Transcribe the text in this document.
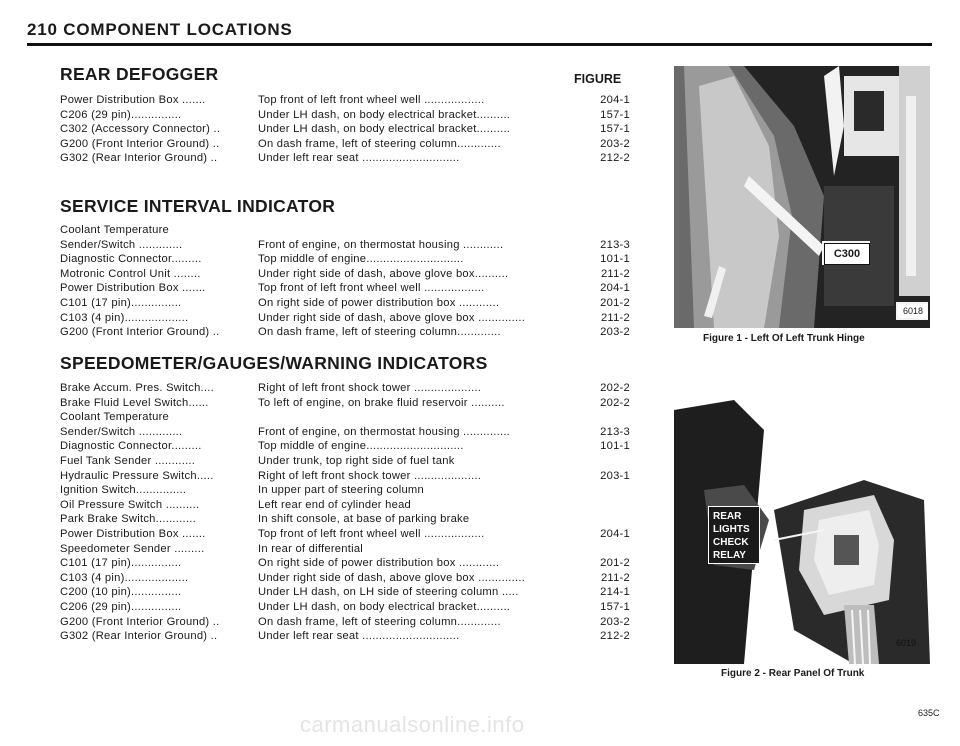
210 COMPONENT LOCATIONS
FIGURE
REAR DEFOGGER
Power Distribution Box .......	Top front of left front wheel well ..................	204-1
C206 (29 pin)...............	Under LH dash, on body electrical bracket..........	157-1
C302 (Accessory Connector) ..	Under LH dash, on body electrical bracket..........	157-1
G200 (Front Interior Ground) ..	On dash frame, left of steering column.............	203-2
G302 (Rear Interior Ground) ..	Under left rear seat .............................	212-2
SERVICE INTERVAL INDICATOR
Coolant Temperature
Sender/Switch .............	Front of engine, on thermostat housing ............	213-3
Diagnostic Connector.........	Top middle of engine.............................	101-1
Motronic Control Unit ........	Under right side of dash, above glove box..........	211-2
Power Distribution Box .......	Top front of left front wheel well ..................	204-1
C101 (17 pin)...............	On right side of power distribution box ............	201-2
C103 (4 pin)...................	Under right side of dash, above glove box ..............	211-2
G200 (Front Interior Ground) ..	On dash frame, left of steering column.............	203-2
SPEEDOMETER/GAUGES/WARNING INDICATORS
Brake Accum. Pres. Switch....	Right of left front shock tower ....................	202-2
Brake Fluid Level Switch......	To left of engine, on brake fluid reservoir ..........	202-2
Coolant Temperature
Sender/Switch .............	Front of engine, on thermostat housing ..............	213-3
Diagnostic Connector.........	Top middle of engine.............................	101-1
Fuel Tank Sender ............	Under trunk, top right side of fuel tank
Hydraulic Pressure Switch.....	Right of left front shock tower ....................	203-1
Ignition Switch...............	In upper part of steering column
Oil Pressure Switch ..........	Left rear end of cylinder head
Park Brake Switch............	In shift console, at base of parking brake
Power Distribution Box .......	Top front of left front wheel well ..................	204-1
Speedometer Sender .........	In rear of differential
C101 (17 pin)...............	On right side of power distribution box ............	201-2
C103 (4 pin)...................	Under right side of dash, above glove box ..............	211-2
C200 (10 pin)...............	Under LH dash, on LH side of steering column .....	214-1
C206 (29 pin)...............	Under LH dash, on body electrical bracket..........	157-1
G200 (Front Interior Ground) ..	On dash frame, left of steering column.............	203-2
G302 (Rear Interior Ground) ..	Under left rear seat .............................	212-2
C300
6018
Figure 1 - Left Of Left Trunk Hinge
REAR
LIGHTS
CHECK
RELAY
6019
Figure 2 - Rear Panel Of Trunk
635C
carmanualsonline.info
